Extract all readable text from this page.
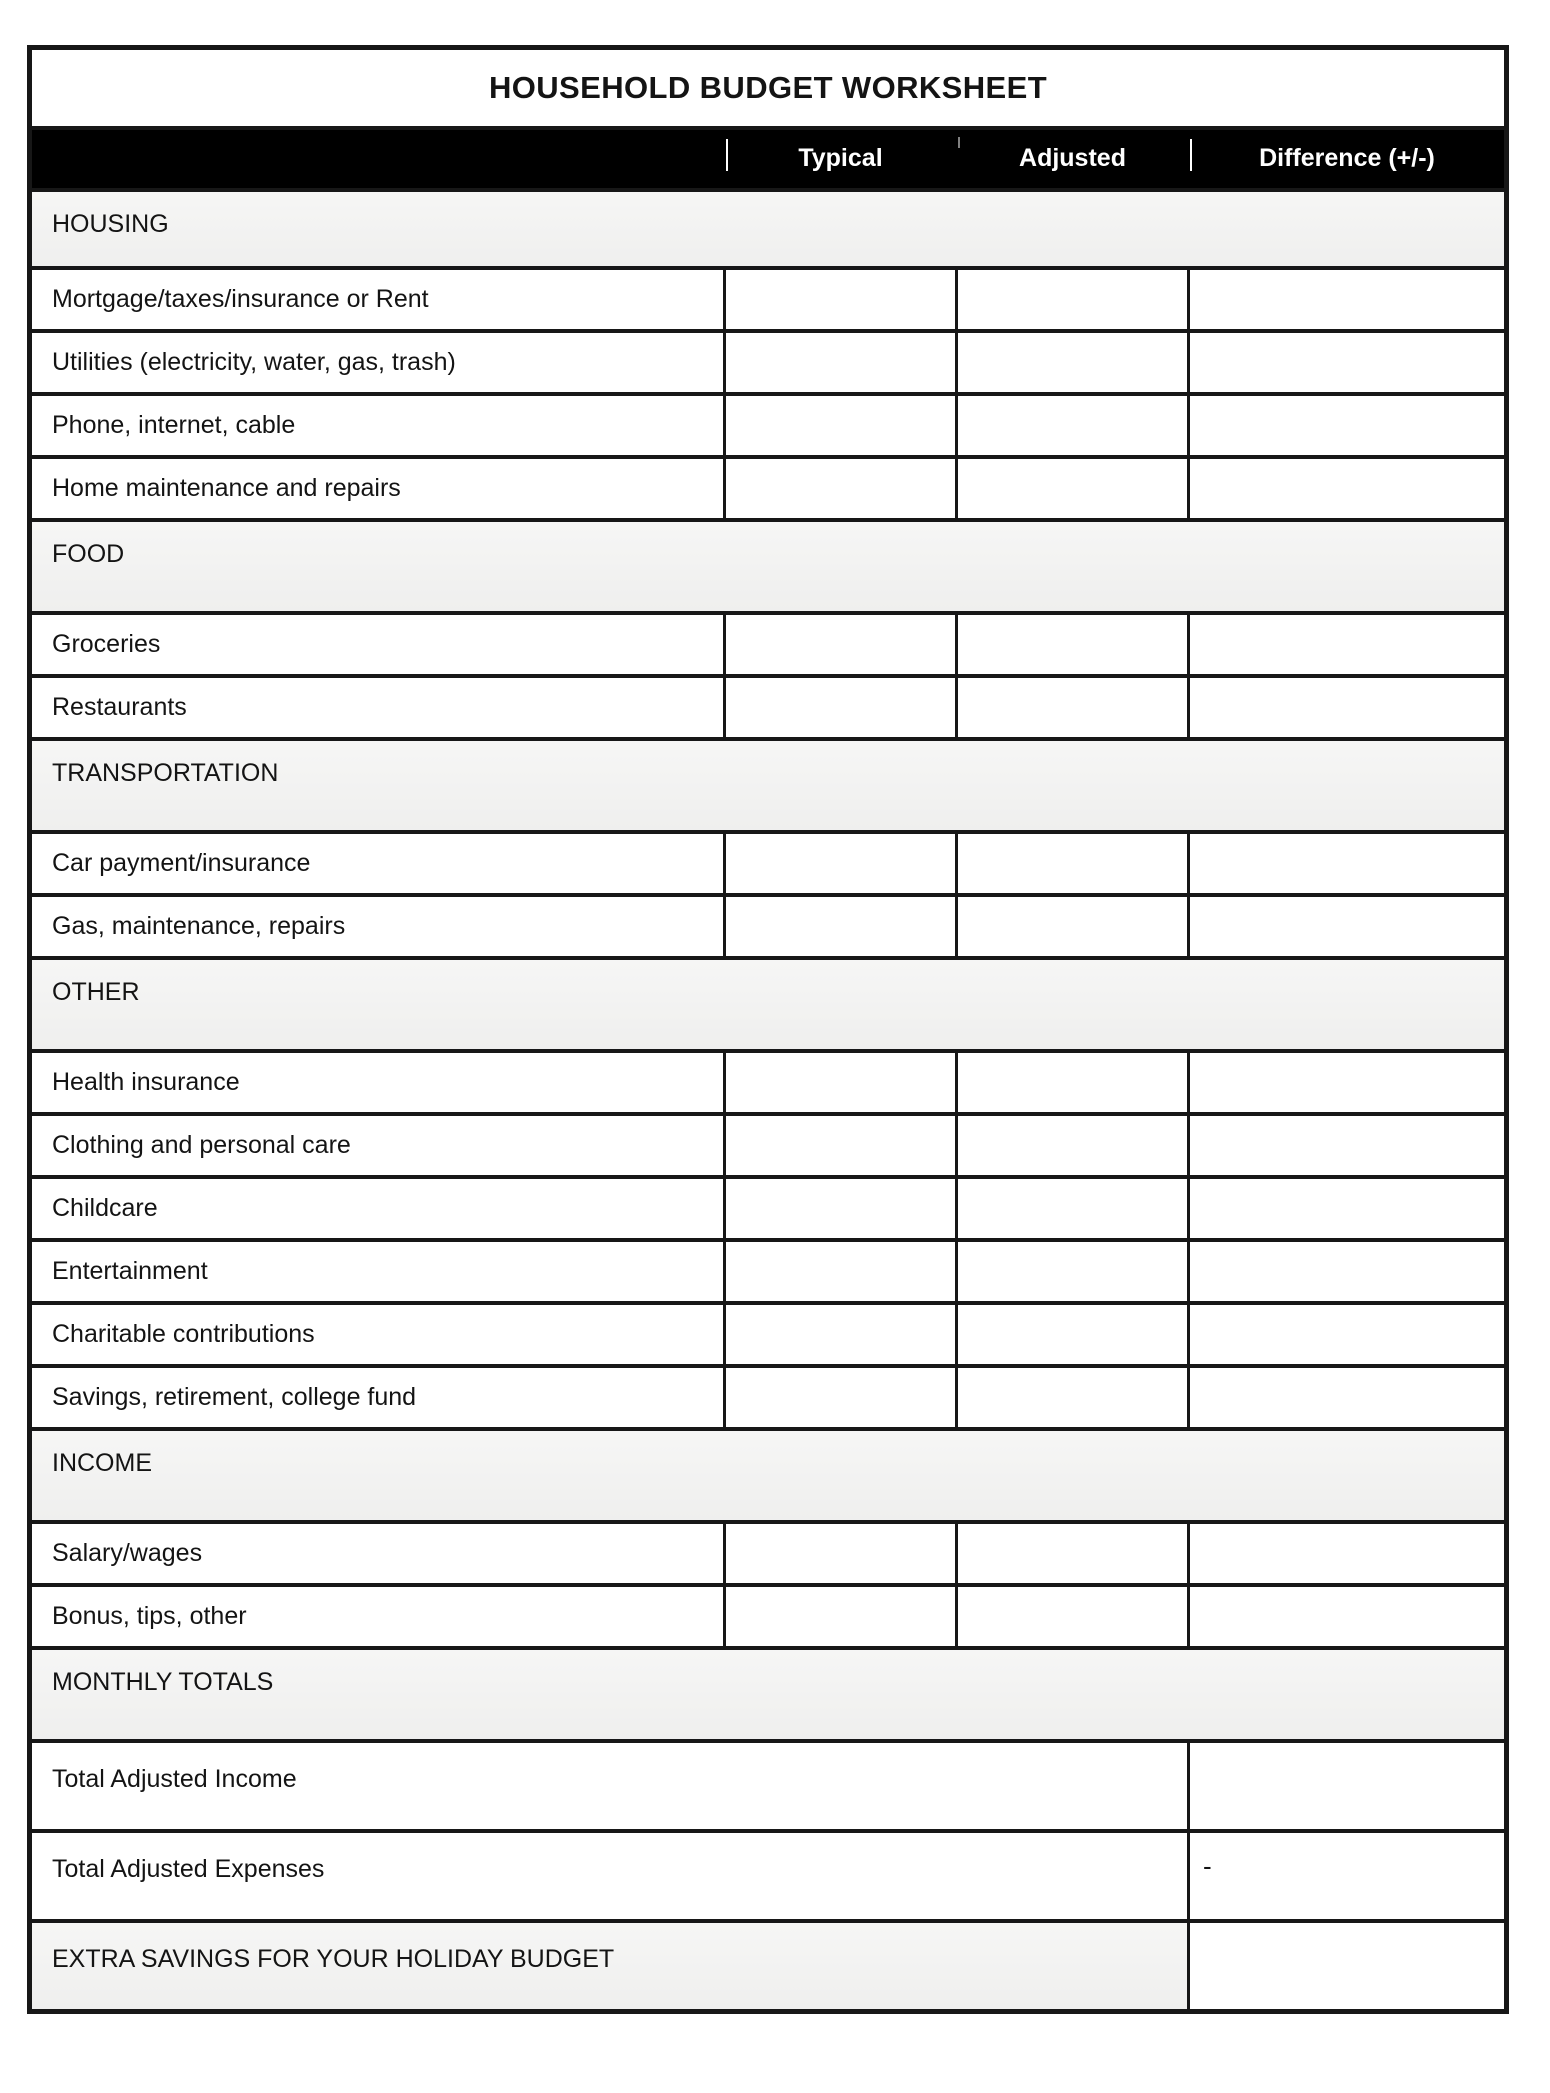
HOUSEHOLD BUDGET WORKSHEET			

Typical	Adjusted	Difference (+/-)
HOUSING			
Mortgage/taxes/insurance or Rent			
Utilities (electricity, water, gas, trash)			
Phone, internet, cable			
Home maintenance and repairs			
FOOD			
Groceries			
Restaurants			
TRANSPORTATION			
Car payment/insurance			
Gas, maintenance, repairs			
OTHER			
Health insurance			
Clothing and personal care			
Childcare			
Entertainment			
Charitable contributions			
Savings, retirement, college fund			
INCOME			
Salary/wages			
Bonus, tips, other			
MONTHLY TOTALS			
Total Adjusted Income			
Total Adjusted Expenses			-
EXTRA SAVINGS FOR YOUR HOLIDAY BUDGET			
